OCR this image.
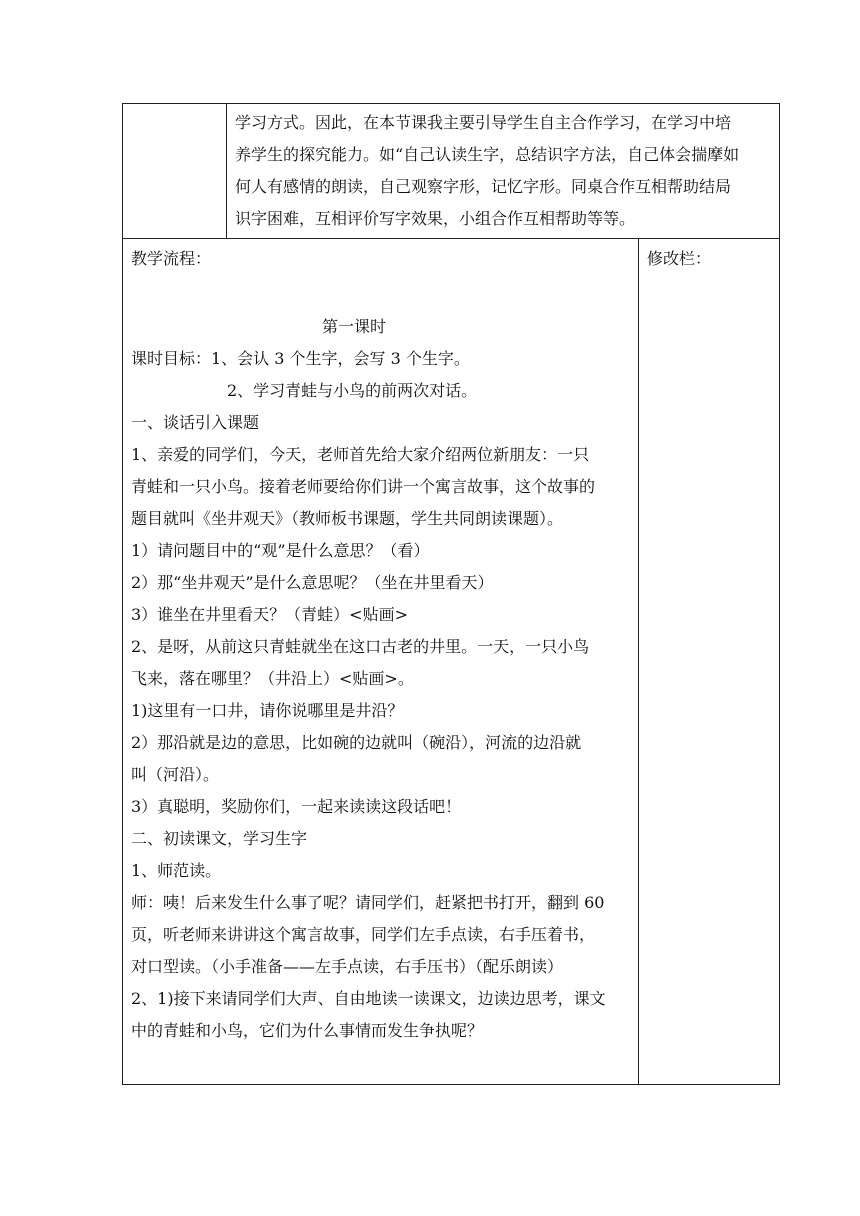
学习方式。因此，在本节课我主要引导学生自主合作学习，在学习中培
养学生的探究能力。如“自己认读生字，总结识字方法，自己体会揣摩如
何人有感情的朗读，自己观察字形，记忆字形。同桌合作互相帮助结局
识字困难，互相评价写字效果，小组合作互相帮助等等。
教学流程：	修改栏：
第一课时
课时目标：1、会认 3 个生字，会写 3 个生字。
2、学习青蛙与小鸟的前两次对话。
一、谈话引入课题
1、亲爱的同学们，今天，老师首先给大家介绍两位新朋友：一只
青蛙和一只小鸟。接着老师要给你们讲一个寓言故事，这个故事的
题目就叫《坐井观天》（教师板书课题，学生共同朗读课题）。
1）请问题目中的“观”是什么意思？（看）
2）那“坐井观天”是什么意思呢？（坐在井里看天）
3）谁坐在井里看天？（青蛙）<贴画>
2、是呀，从前这只青蛙就坐在这口古老的井里。一天，一只小鸟
飞来，落在哪里？（井沿上）<贴画>。
1)这里有一口井，请你说哪里是井沿？
2）那沿就是边的意思，比如碗的边就叫（碗沿），河流的边沿就
叫（河沿）。
3）真聪明，奖励你们，一起来读读这段话吧！
二、初读课文，学习生字
1、师范读。
师：咦！后来发生什么事了呢？请同学们，赶紧把书打开，翻到 60
页，听老师来讲讲这个寓言故事，同学们左手点读，右手压着书，
对口型读。（小手准备——左手点读，右手压书）（配乐朗读）
2、1)接下来请同学们大声、自由地读一读课文，边读边思考，课文
中的青蛙和小鸟，它们为什么事情而发生争执呢？
